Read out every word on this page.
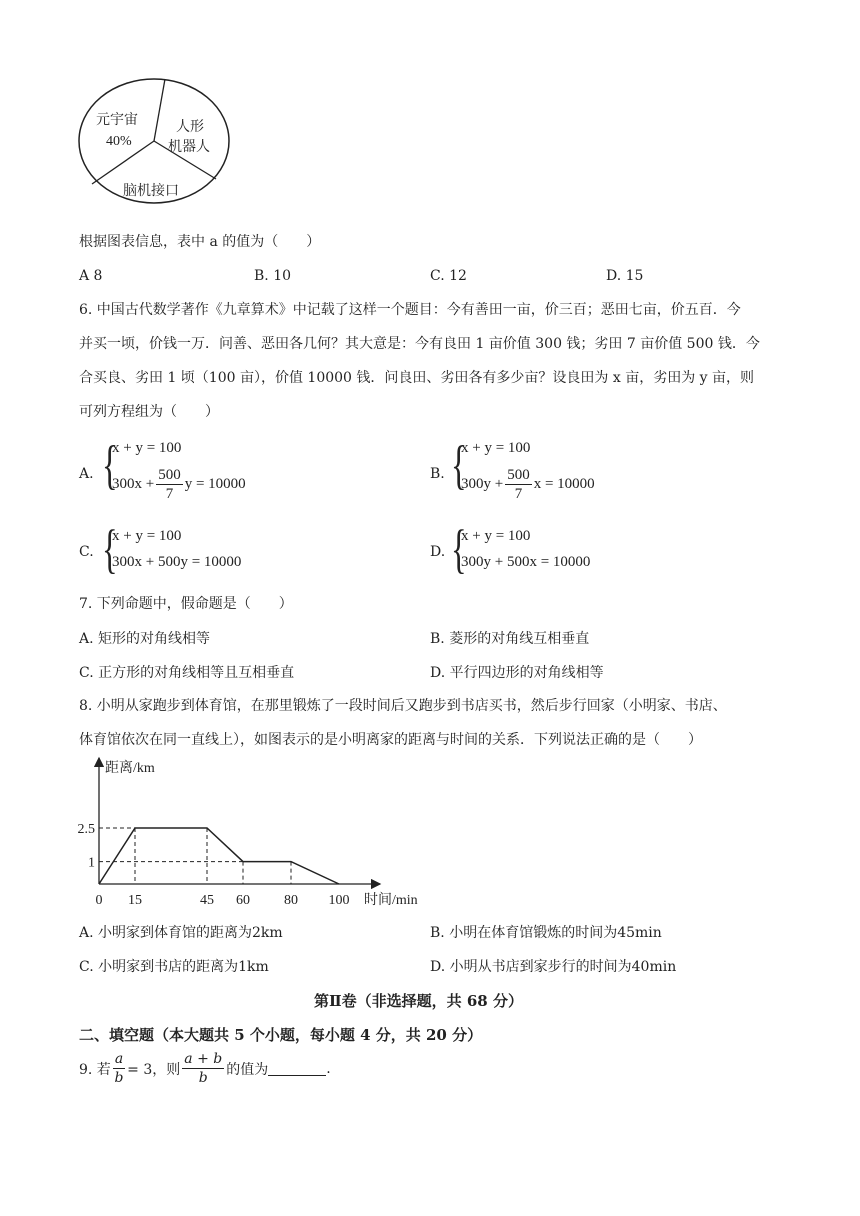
元宇宙
40%
人形
机器人
脑机接口
根据图表信息，表中 a 的值为（　　）
A 8	B. 10	C. 12	D. 15
6. 中国古代数学著作《九章算术》中记载了这样一个题目：今有善田一亩，价三百；恶田七亩，价五百．今
并买一顷，价钱一万．问善、恶田各几何？其大意是：今有良田 1 亩价值 300 钱；劣田 7 亩价值 500 钱．今
合买良、劣田 1 顷（100 亩），价值 10000 钱．问良田、劣田各有多少亩？设良田为 x 亩，劣田为 y 亩，则
可列方程组为（　　）
A. {
x + y = 100
$300x + \frac{500}{7}$ y = 10000
B. {
x + y = 100
$300y + \frac{500}{7}$ x = 10000
C. {
x + y = 100
300x + 500y = 10000
D. {
x + y = 100
300y + 500x = 10000
7. 下列命题中，假命题是（　　）
A. 矩形的对角线相等	B. 菱形的对角线互相垂直
C. 正方形的对角线相等且互相垂直	D. 平行四边形的对角线相等
8. 小明从家跑步到体育馆，在那里锻炼了一段时间后又跑步到书店买书，然后步行回家（小明家、书店、
体育馆依次在同一直线上），如图表示的是小明离家的距离与时间的关系．下列说法正确的是（　　）
距离/km
时间/min
0 15	45 60 80 100
2.5
1
A. 小明家到体育馆的距离为2km	B. 小明在体育馆锻炼的时间为45min
C. 小明家到书店的距离为1km	D. 小明从书店到家步行的时间为40min
第Ⅱ卷（非选择题，共 68 分）
二、填空题（本大题共 5 个小题，每小题 4 分，共 20 分）
9. 若 $\frac{a}{b} = 3$，则 $\frac{a + b}{b}$ 的值为	.
